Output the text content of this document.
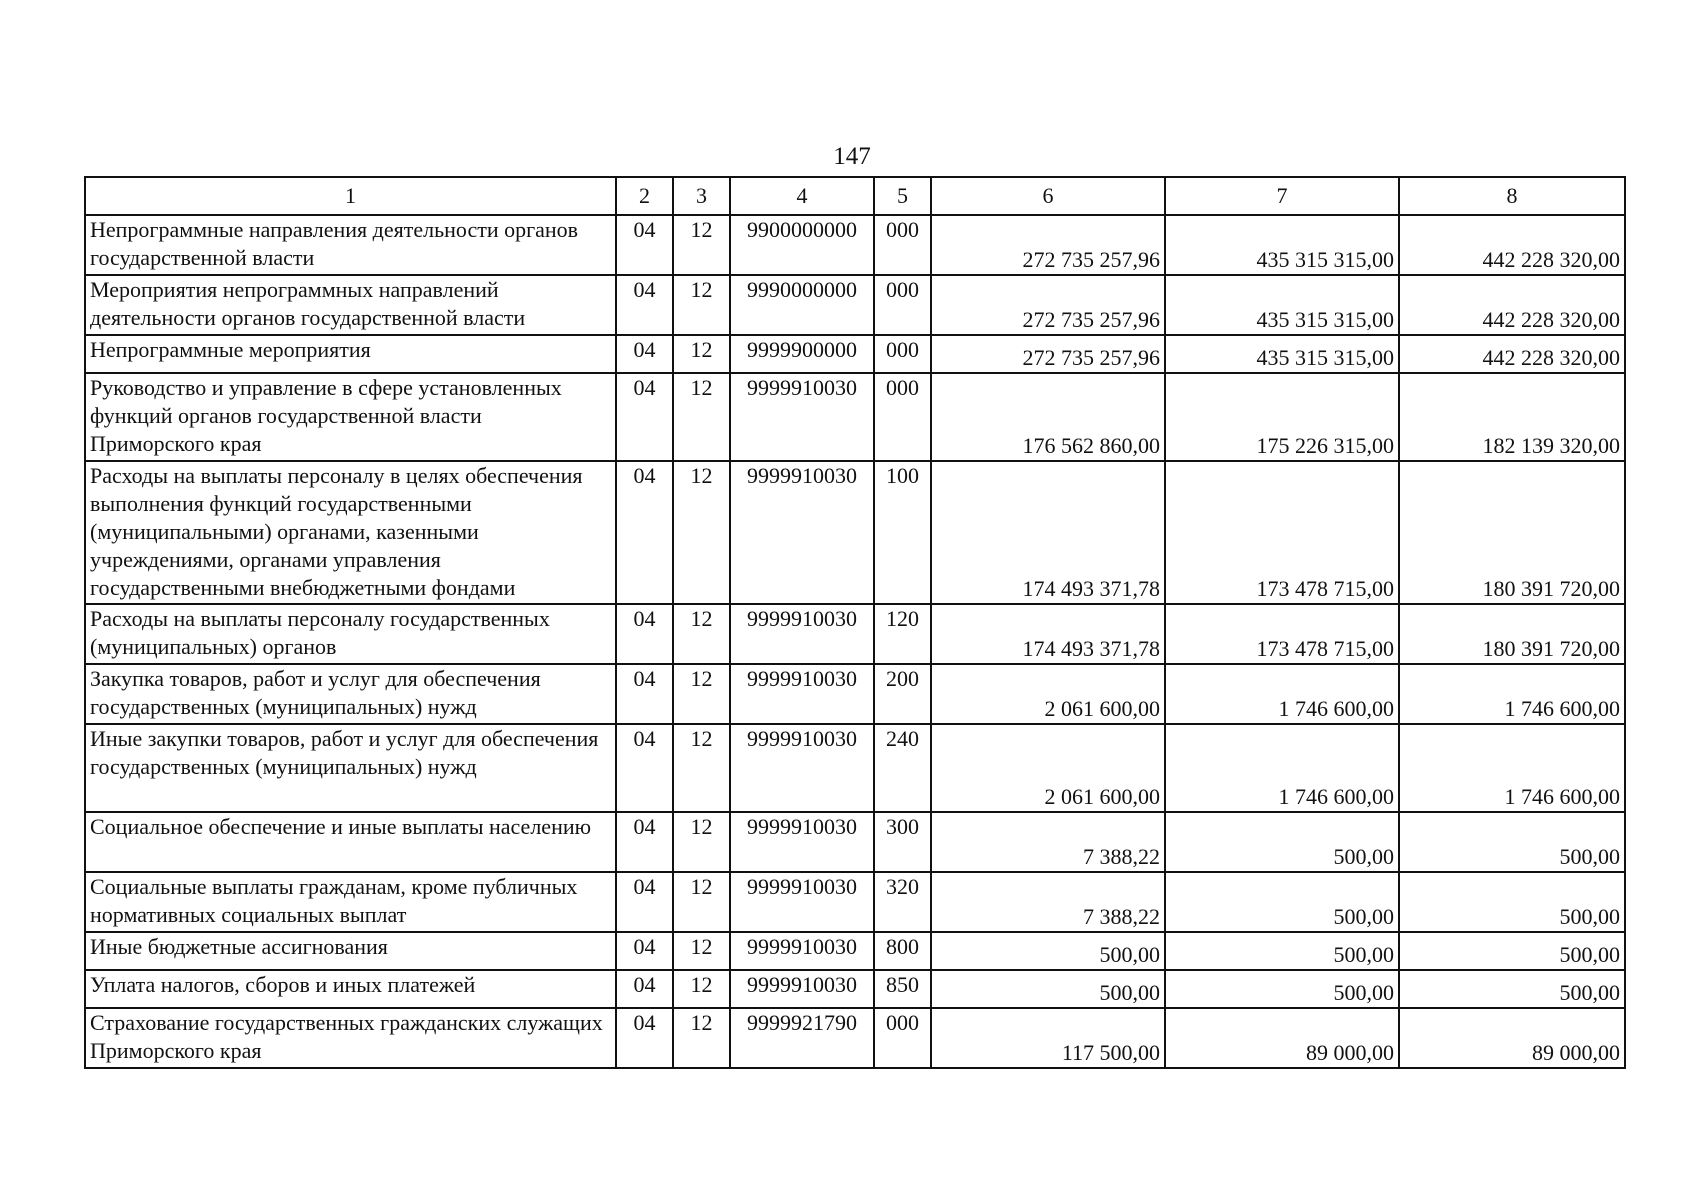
147
1	2	3	4	5	6	7	8
Непрограммные направления деятельности органов государственной власти	04	12	9900000000	000	272 735 257,96	435 315 315,00	442 228 320,00
Мероприятия непрограммных направлений деятельности органов государственной власти	04	12	9990000000	000	272 735 257,96	435 315 315,00	442 228 320,00
Непрограммные мероприятия	04	12	9999900000	000	272 735 257,96	435 315 315,00	442 228 320,00
Руководство и управление в сфере установленных функций органов государственной власти Приморского края	04	12	9999910030	000	176 562 860,00	175 226 315,00	182 139 320,00
Расходы на выплаты персоналу в целях обеспечения выполнения функций государственными (муниципальными) органами, казенными учреждениями, органами управления государственными внебюджетными фондами	04	12	9999910030	100	174 493 371,78	173 478 715,00	180 391 720,00
Расходы на выплаты персоналу государственных (муниципальных) органов	04	12	9999910030	120	174 493 371,78	173 478 715,00	180 391 720,00
Закупка товаров, работ и услуг для обеспечения государственных (муниципальных) нужд	04	12	9999910030	200	2 061 600,00	1 746 600,00	1 746 600,00
Иные закупки товаров, работ и услуг для обеспечения государственных (муниципальных) нужд	04	12	9999910030	240	2 061 600,00	1 746 600,00	1 746 600,00
Социальное обеспечение и иные выплаты населению	04	12	9999910030	300	7 388,22	500,00	500,00
Социальные выплаты гражданам, кроме публичных нормативных социальных выплат	04	12	9999910030	320	7 388,22	500,00	500,00
Иные бюджетные ассигнования	04	12	9999910030	800	500,00	500,00	500,00
Уплата налогов, сборов и иных платежей	04	12	9999910030	850	500,00	500,00	500,00
Страхование государственных гражданских служащих Приморского края	04	12	9999921790	000	117 500,00	89 000,00	89 000,00
